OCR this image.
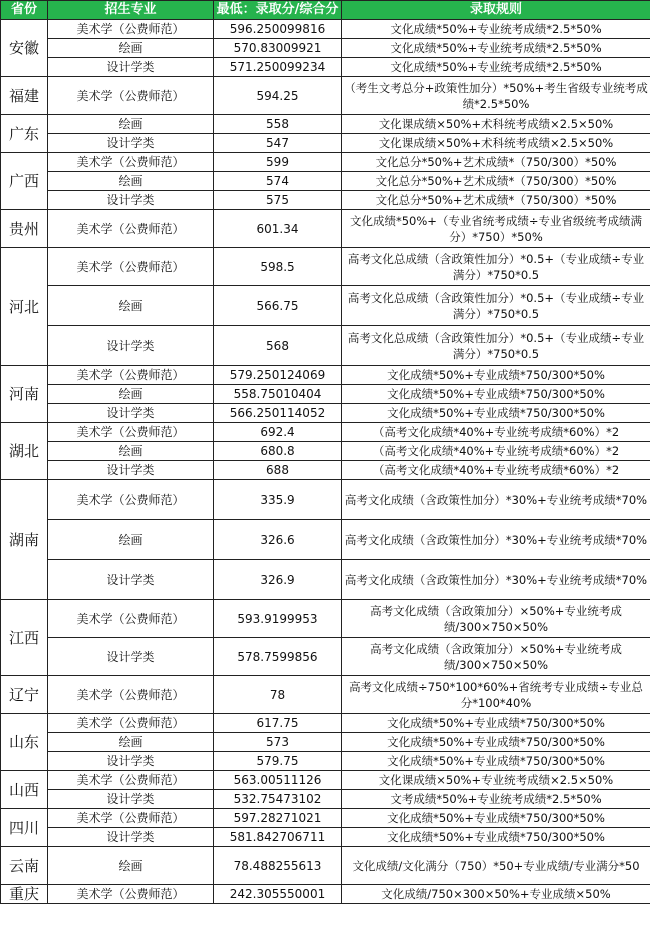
省份	招生专业	最低：录取分/综合分	录取规则
安徽	美术学（公费师范）	596.250099816	文化成绩*50%+专业统考成绩*2.5*50%
	绘画	570.83009921	文化成绩*50%+专业统考成绩*2.5*50%
	设计学类	571.250099234	文化成绩*50%+专业统考成绩*2.5*50%
福建	美术学（公费师范）	594.25	（考生文考总分+政策性加分）*50%+考生省级专业统考成绩*2.5*50%
广东	绘画	558	文化课成绩×50%+术科统考成绩×2.5×50%
	设计学类	547	文化课成绩×50%+术科统考成绩×2.5×50%
广西	美术学（公费师范）	599	文化总分*50%+艺术成绩*（750/300）*50%
	绘画	574	文化总分*50%+艺术成绩*（750/300）*50%
	设计学类	575	文化总分*50%+艺术成绩*（750/300）*50%
贵州	美术学（公费师范）	601.34	文化成绩*50%+（专业省统考成绩÷专业省级统考成绩满分）*750）*50%
河北	美术学（公费师范）	598.5	高考文化总成绩（含政策性加分）*0.5+（专业成绩÷专业满分）*750*0.5
	绘画	566.75	高考文化总成绩（含政策性加分）*0.5+（专业成绩÷专业满分）*750*0.5
	设计学类	568	高考文化总成绩（含政策性加分）*0.5+（专业成绩÷专业满分）*750*0.5
河南	美术学（公费师范）	579.250124069	文化成绩*50%+专业成绩*750/300*50%
	绘画	558.75010404	文化成绩*50%+专业成绩*750/300*50%
	设计学类	566.250114052	文化成绩*50%+专业成绩*750/300*50%
湖北	美术学（公费师范）	692.4	（高考文化成绩*40%+专业统考成绩*60%）*2
	绘画	680.8	（高考文化成绩*40%+专业统考成绩*60%）*2
	设计学类	688	（高考文化成绩*40%+专业统考成绩*60%）*2
湖南	美术学（公费师范）	335.9	高考文化成绩（含政策性加分）*30%+专业统考成绩*70%
	绘画	326.6	高考文化成绩（含政策性加分）*30%+专业统考成绩*70%
	设计学类	326.9	高考文化成绩（含政策性加分）*30%+专业统考成绩*70%
江西	美术学（公费师范）	593.9199953	高考文化成绩（含政策加分）×50%+专业统考成绩/300×750×50%
	设计学类	578.7599856	高考文化成绩（含政策加分）×50%+专业统考成绩/300×750×50%
辽宁	美术学（公费师范）	78	高考文化成绩÷750*100*60%+省统考专业成绩÷专业总分*100*40%
山东	美术学（公费师范）	617.75	文化成绩*50%+专业成绩*750/300*50%
	绘画	573	文化成绩*50%+专业成绩*750/300*50%
	设计学类	579.75	文化成绩*50%+专业成绩*750/300*50%
山西	美术学（公费师范）	563.00511126	文化课成绩×50%+专业统考成绩×2.5×50%
	设计学类	532.75473102	文考成绩*50%+专业统考成绩*2.5*50%
四川	美术学（公费师范）	597.28271021	文化成绩*50%+专业成绩*750/300*50%
	设计学类	581.842706711	文化成绩*50%+专业成绩*750/300*50%
云南	绘画	78.488255613	文化成绩/文化满分（750）*50+专业成绩/专业满分*50
重庆	美术学（公费师范）	242.305550001	文化成绩/750×300×50%+专业成绩×50%
